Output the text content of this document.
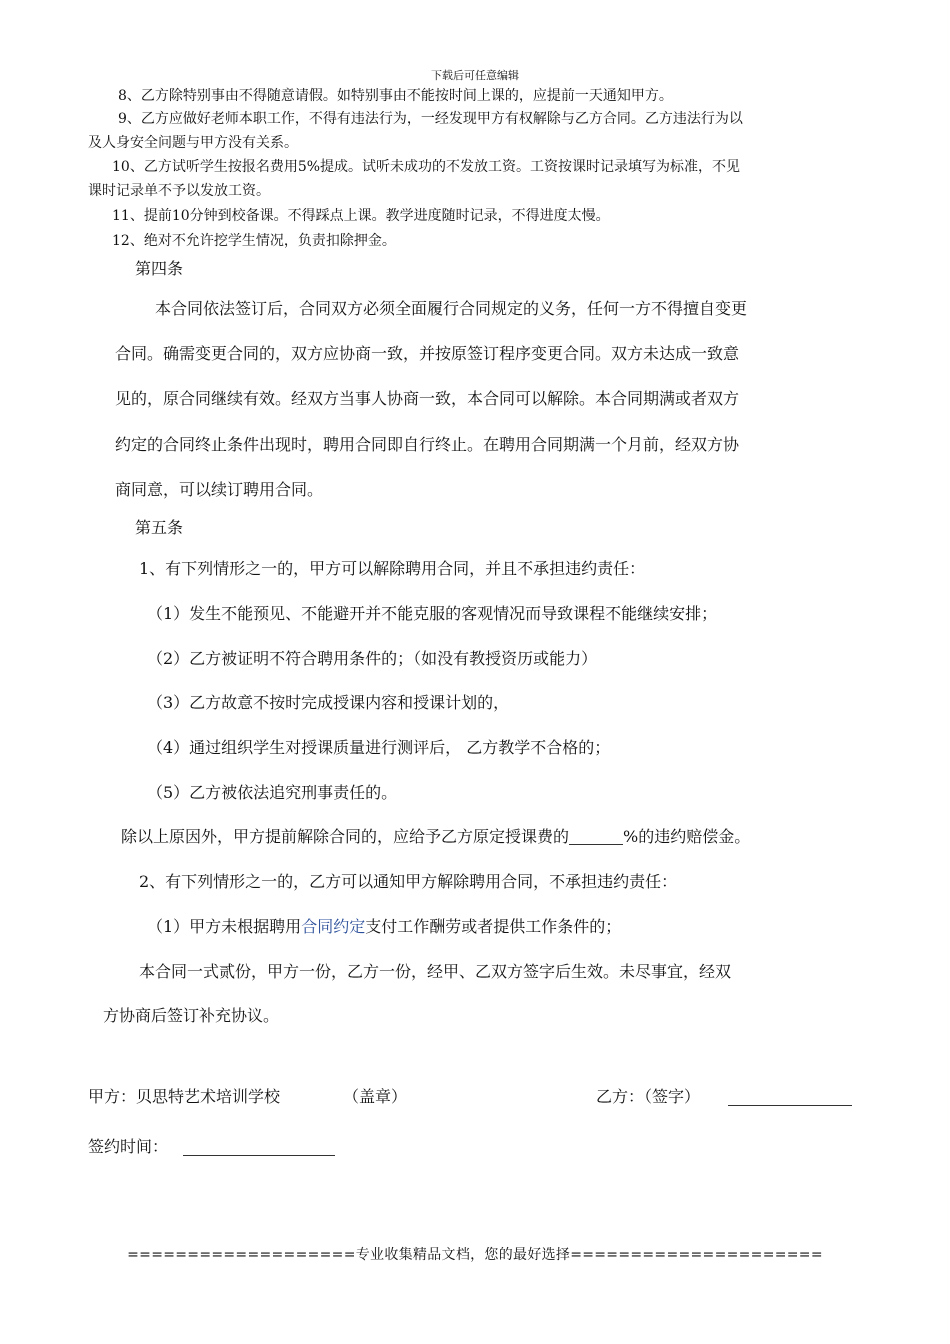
下载后可任意编辑
8、乙方除特别事由不得随意请假。如特别事由不能按时间上课的，应提前一天通知甲方。
9、乙方应做好老师本职工作，不得有违法行为，一经发现甲方有权解除与乙方合同。乙方违法行为以
及人身安全问题与甲方没有关系。
10、乙方试听学生按报名费用5%提成。试听未成功的不发放工资。工资按课时记录填写为标准，不见
课时记录单不予以发放工资。
11、提前10分钟到校备课。不得踩点上课。教学进度随时记录，不得进度太慢。
12、绝对不允许挖学生情况，负责扣除押金。
第四条
本合同依法签订后，合同双方必须全面履行合同规定的义务，任何一方不得擅自变更
合同。确需变更合同的，双方应协商一致，并按原签订程序变更合同。双方未达成一致意
见的，原合同继续有效。经双方当事人协商一致，本合同可以解除。本合同期满或者双方
约定的合同终止条件出现时，聘用合同即自行终止。在聘用合同期满一个月前，经双方协
商同意，可以续订聘用合同。
第五条
1、有下列情形之一的，甲方可以解除聘用合同，并且不承担违约责任：
（1）发生不能预见、不能避开并不能克服的客观情况而导致课程不能继续安排；
（2）乙方被证明不符合聘用条件的；（如没有教授资历或能力）
（3）乙方故意不按时完成授课内容和授课计划的，
（4）通过组织学生对授课质量进行测评后， 乙方教学不合格的；
（5）乙方被依法追究刑事责任的。
除以上原因外，甲方提前解除合同的，应给予乙方原定授课费的	%的违约赔偿金。
2、有下列情形之一的，乙方可以通知甲方解除聘用合同，不承担违约责任：
（1）甲方未根据聘用合同约定支付工作酬劳或者提供工作条件的；
本合同一式贰份，甲方一份，乙方一份，经甲、乙双方签字后生效。未尽事宜，经双
方协商后签订补充协议。
甲方：贝思特艺术培训学校	（盖章）	乙方：（签字）
签约时间：
===================专业收集精品文档，您的最好选择=====================
